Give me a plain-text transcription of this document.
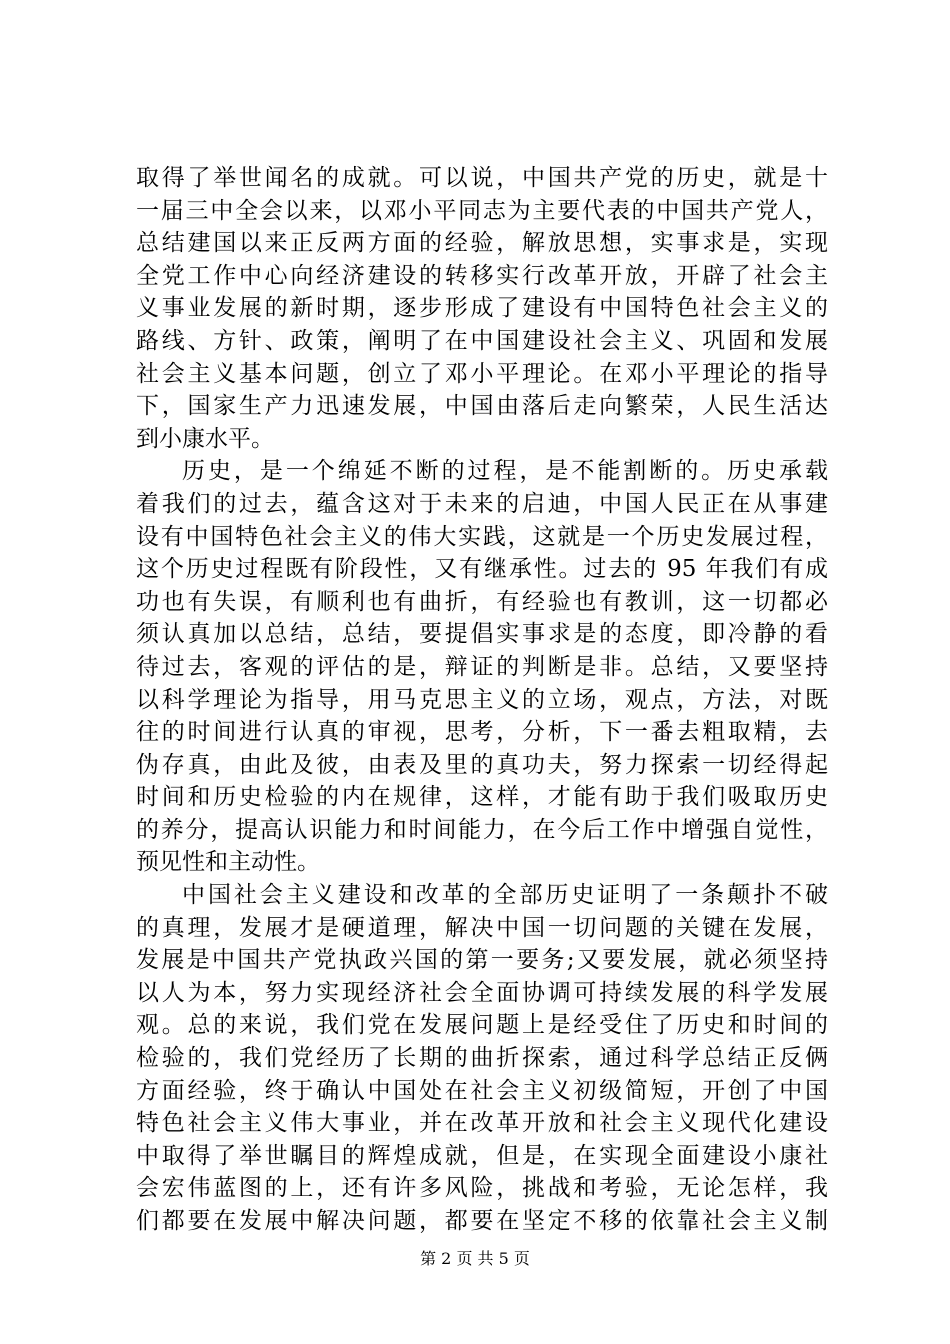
取得了举世闻名的成就。可以说，中国共产党的历史，就是十
一届三中全会以来，以邓小平同志为主要代表的中国共产党人，
总结建国以来正反两方面的经验，解放思想，实事求是，实现
全党工作中心向经济建设的转移实行改革开放，开辟了社会主
义事业发展的新时期，逐步形成了建设有中国特色社会主义的
路线、方针、政策，阐明了在中国建设社会主义、巩固和发展
社会主义基本问题，创立了邓小平理论。在邓小平理论的指导
下，国家生产力迅速发展，中国由落后走向繁荣，人民生活达
到小康水平。
历史，是一个绵延不断的过程，是不能割断的。历史承载
着我们的过去，蕴含这对于未来的启迪，中国人民正在从事建
设有中国特色社会主义的伟大实践，这就是一个历史发展过程，
这个历史过程既有阶段性，又有继承性。过去的 95 年我们有成
功也有失误，有顺利也有曲折，有经验也有教训，这一切都必
须认真加以总结，总结，要提倡实事求是的态度，即冷静的看
待过去，客观的评估的是，辩证的判断是非。总结，又要坚持
以科学理论为指导，用马克思主义的立场，观点，方法，对既
往的时间进行认真的审视，思考，分析，下一番去粗取精，去
伪存真，由此及彼，由表及里的真功夫，努力探索一切经得起
时间和历史检验的内在规律，这样，才能有助于我们吸取历史
的养分，提高认识能力和时间能力，在今后工作中增强自觉性，
预见性和主动性。
中国社会主义建设和改革的全部历史证明了一条颠扑不破
的真理，发展才是硬道理，解决中国一切问题的关键在发展，
发展是中国共产党执政兴国的第一要务;又要发展，就必须坚持
以人为本，努力实现经济社会全面协调可持续发展的科学发展
观。总的来说，我们党在发展问题上是经受住了历史和时间的
检验的，我们党经历了长期的曲折探索，通过科学总结正反俩
方面经验，终于确认中国处在社会主义初级简短，开创了中国
特色社会主义伟大事业，并在改革开放和社会主义现代化建设
中取得了举世瞩目的辉煌成就，但是，在实现全面建设小康社
会宏伟蓝图的上，还有许多风险，挑战和考验，无论怎样，我
们都要在发展中解决问题，都要在坚定不移的依靠社会主义制
第 2 页 共 5 页
